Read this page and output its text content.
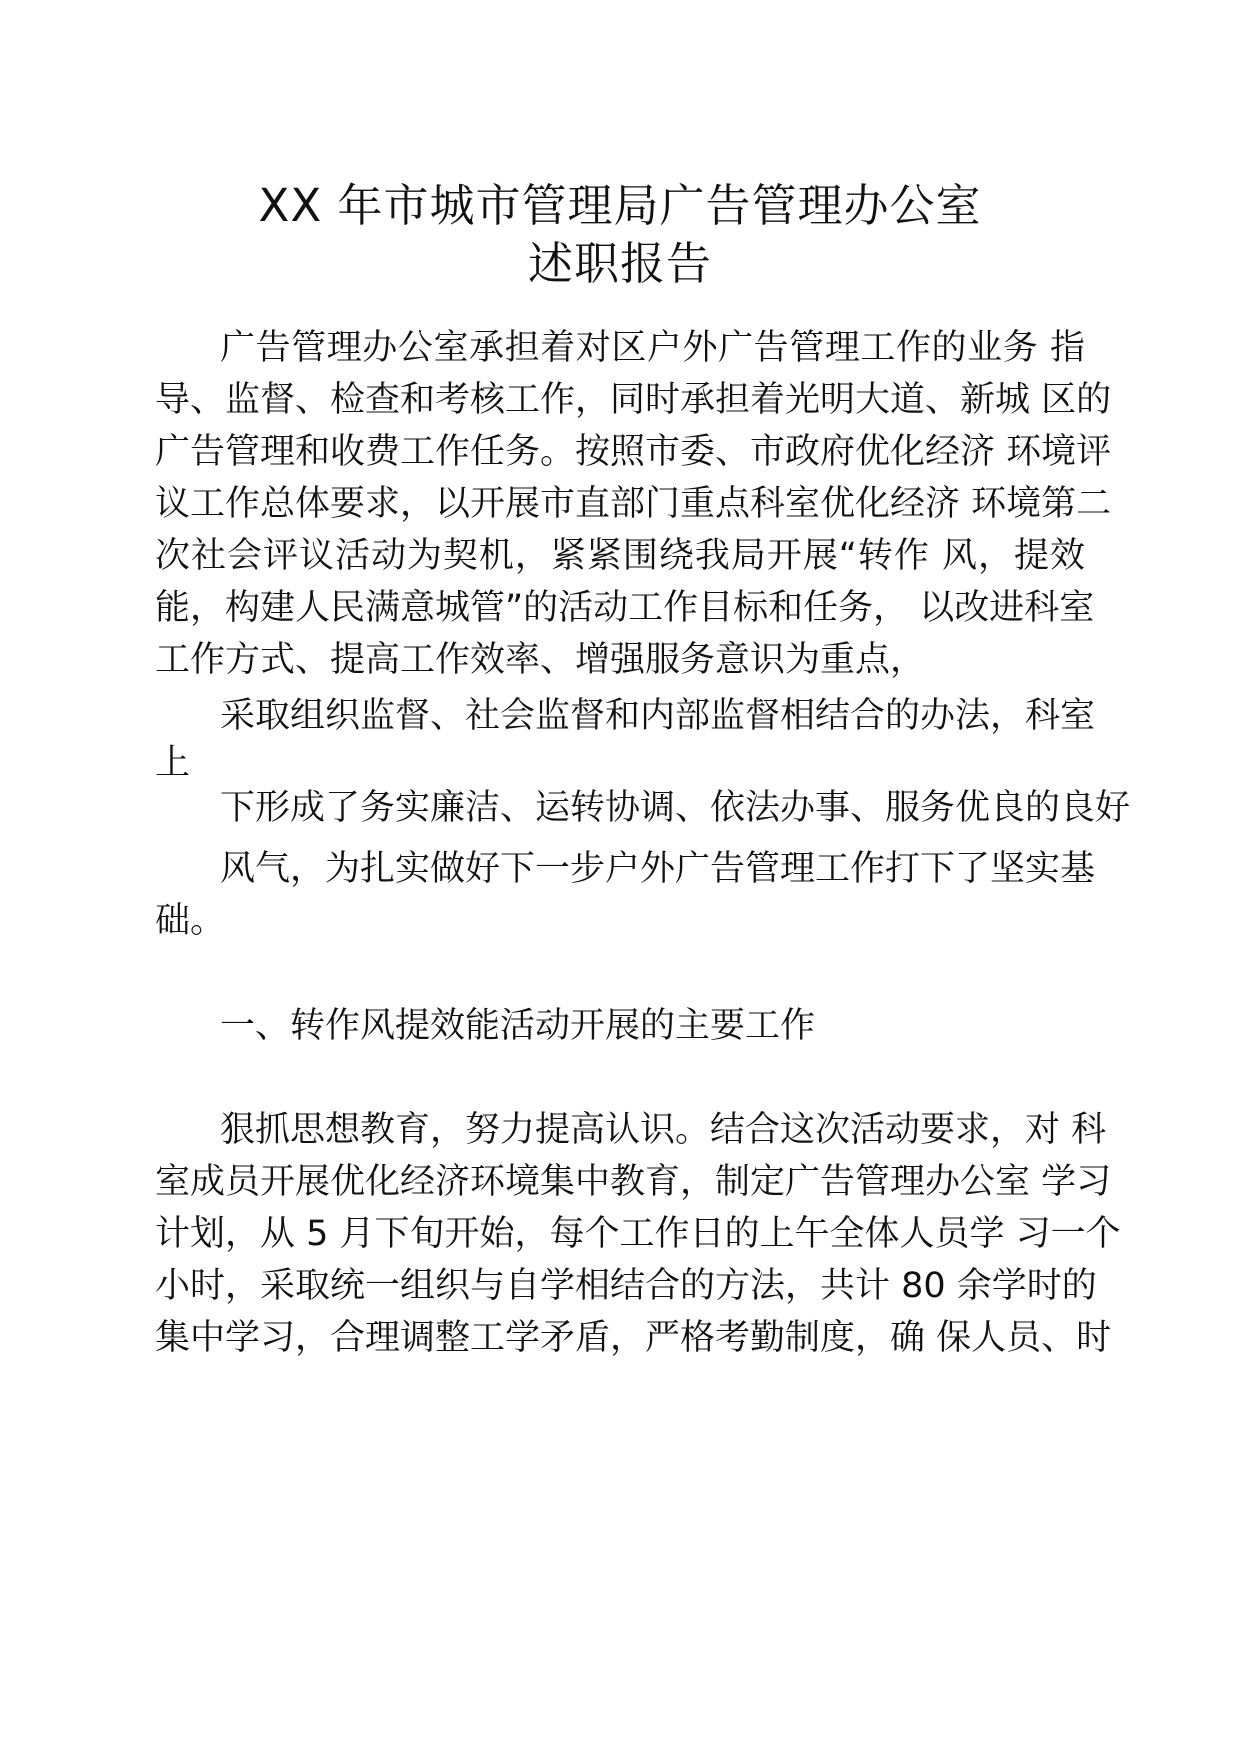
XX 年市城市管理局广告管理办公室
述职报告
广告管理办公室承担着对区户外广告管理工作的业务 指
导、监督、检查和考核工作，同时承担着光明大道、新城 区的
广告管理和收费工作任务。按照市委、市政府优化经济 环境评
议工作总体要求，以开展市直部门重点科室优化经济 环境第二
次社会评议活动为契机，紧紧围绕我局开展“转作 风，提效
能，构建人民满意城管”的活动工作目标和任务， 以改进科室
工作方式、提高工作效率、增强服务意识为重点，
采取组织监督、社会监督和内部监督相结合的办法，科室
上
下形成了务实廉洁、运转协调、依法办事、服务优良的良好
风气，为扎实做好下一步户外广告管理工作打下了坚实基
础。
一、转作风提效能活动开展的主要工作
狠抓思想教育，努力提高认识。结合这次活动要求，对 科
室成员开展优化经济环境集中教育，制定广告管理办公室 学习
计划，从 5 月下旬开始，每个工作日的上午全体人员学 习一个
小时，采取统一组织与自学相结合的方法，共计 80 余学时的
集中学习，合理调整工学矛盾，严格考勤制度，确 保人员、时
